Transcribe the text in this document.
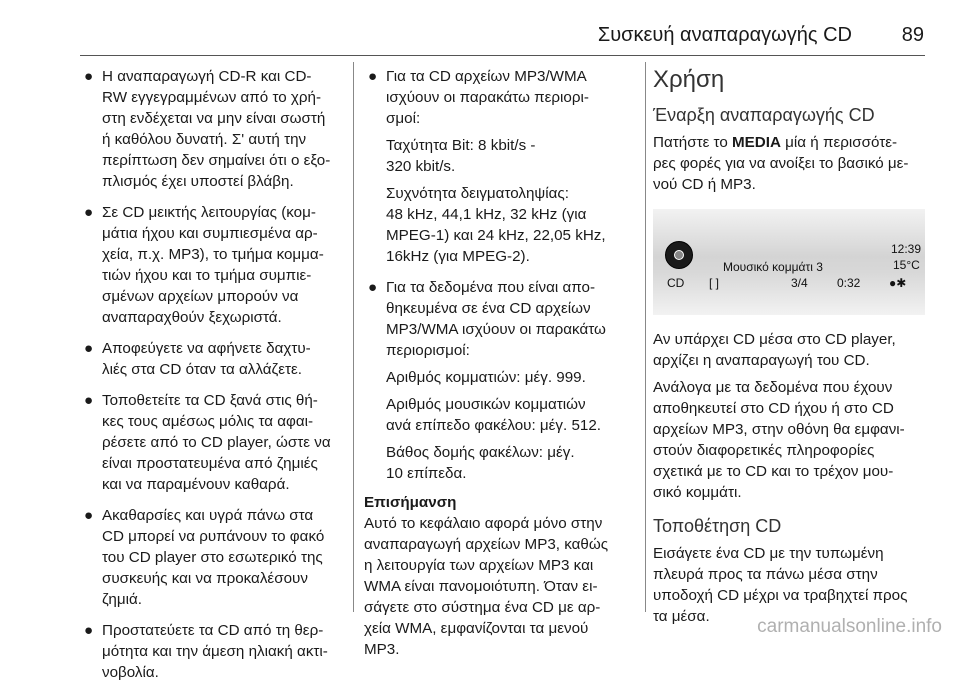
Συσκευή αναπαραγωγής CD 89
● Η αναπαραγωγή CD-R και CD-
RW εγγεγραμμένων από το χρή-
στη ενδέχεται να μην είναι σωστή
ή καθόλου δυνατή. Σ' αυτή την
περίπτωση δεν σημαίνει ότι ο εξο-
πλισμός έχει υποστεί βλάβη.
● Σε CD μεικτής λειτουργίας (κομ-
μάτια ήχου και συμπιεσμένα αρ-
χεία, π.χ. MP3), το τμήμα κομμα-
τιών ήχου και το τμήμα συμπιε-
σμένων αρχείων μπορούν να
αναπαραχθούν ξεχωριστά.
● Αποφεύγετε να αφήνετε δαχτυ-
λιές στα CD όταν τα αλλάζετε.
● Τοποθετείτε τα CD ξανά στις θή-
κες τους αμέσως μόλις τα αφαι-
ρέσετε από το CD player, ώστε να
είναι προστατευμένα από ζημιές
και να παραμένουν καθαρά.
● Ακαθαρσίες και υγρά πάνω στα
CD μπορεί να ρυπάνουν το φακό
του CD player στο εσωτερικό της
συσκευής και να προκαλέσουν
ζημιά.
● Προστατεύετε τα CD από τη θερ-
μότητα και την άμεση ηλιακή ακτι-
νοβολία.
● Για τα CD αρχείων MP3/WMA
ισχύουν οι παρακάτω περιορι-
σμοί:
Ταχύτητα Bit: 8 kbit/s -
320 kbit/s.
Συχνότητα δειγματοληψίας:
48 kHz, 44,1 kHz, 32 kHz (για
MPEG-1) και 24 kHz, 22,05 kHz,
16kHz (για MPEG-2).
● Για τα δεδομένα που είναι απο-
θηκευμένα σε ένα CD αρχείων
MP3/WMA ισχύουν οι παρακάτω
περιορισμοί:
Αριθμός κομματιών: μέγ. 999.
Αριθμός μουσικών κομματιών
ανά επίπεδο φακέλου: μέγ. 512.
Βάθος δομής φακέλων: μέγ.
10 επίπεδα.
Επισήμανση
Αυτό το κεφάλαιο αφορά μόνο στην
αναπαραγωγή αρχείων MP3, καθώς
η λειτουργία των αρχείων MP3 και
WMA είναι πανομοιότυπη. Όταν ει-
σάγετε στο σύστημα ένα CD με αρ-
χεία WMA, εμφανίζονται τα μενού
MP3.
Χρήση
Έναρξη αναπαραγωγής CD
Πατήστε το MEDIA μία ή περισσότε-
ρες φορές για να ανοίξει το βασικό με-
νού CD ή MP3.
12:39
15°C
Μουσικό κομμάτι 3
CD [ ]	3/4 0:32 ●✱
Αν υπάρχει CD μέσα στο CD player,
αρχίζει η αναπαραγωγή του CD.
Ανάλογα με τα δεδομένα που έχουν
αποθηκευτεί στο CD ήχου ή στο CD
αρχείων MP3, στην οθόνη θα εμφανι-
στούν διαφορετικές πληροφορίες
σχετικά με το CD και το τρέχον μου-
σικό κομμάτι.
Τοποθέτηση CD
Εισάγετε ένα CD με την τυπωμένη
πλευρά προς τα πάνω μέσα στην
υποδοχή CD μέχρι να τραβηχτεί προς
τα μέσα.	carmanualsonline.info
